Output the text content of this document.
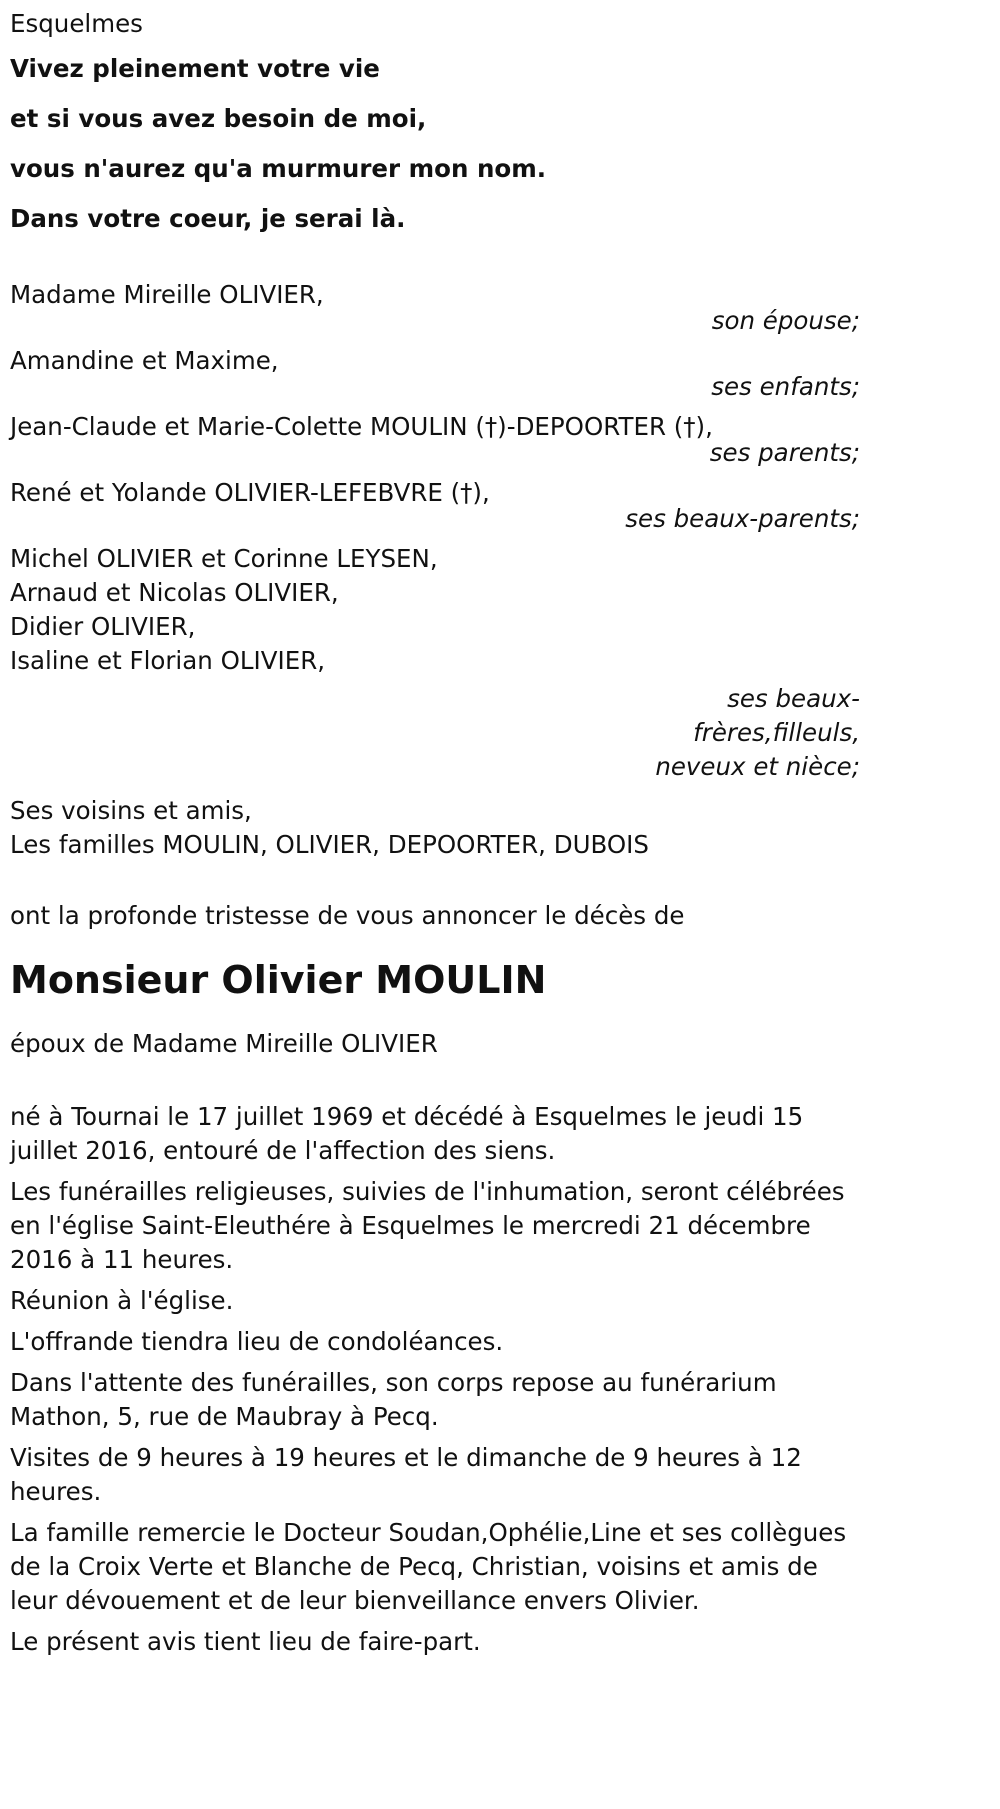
Esquelmes

Vivez pleinement votre vie

et si vous avez besoin de moi,

vous n'aurez qu'a murmurer mon nom.

Dans votre coeur, je serai là.

Madame Mireille OLIVIER,

son épouse;

Amandine et Maxime,

ses enfants;

Jean-Claude et Marie-Colette MOULIN (†)-DEPOORTER (†),

ses parents;

René et Yolande OLIVIER-LEFEBVRE (†),

ses beaux-parents;

Michel OLIVIER et Corinne LEYSEN,

Arnaud et Nicolas OLIVIER,

Didier OLIVIER,

Isaline et Florian OLIVIER,

ses beaux-

frères,filleuls,

neveux et nièce;

Ses voisins et amis,

Les familles MOULIN, OLIVIER, DEPOORTER, DUBOIS

ont la profonde tristesse de vous annoncer le décès de

Monsieur Olivier MOULIN

époux de Madame Mireille OLIVIER

né à Tournai le 17 juillet 1969 et décédé à Esquelmes le jeudi 15 juillet 2016, entouré de l'affection des siens.

Les funérailles religieuses, suivies de l'inhumation, seront célébrées en l'église Saint-Eleuthére à Esquelmes le mercredi 21 décembre 2016 à 11 heures.

Réunion à l'église.

L'offrande tiendra lieu de condoléances.

Dans l'attente des funérailles, son corps repose au funérarium Mathon, 5, rue de Maubray à Pecq.

Visites de 9 heures à 19 heures et le dimanche de 9 heures à 12 heures.

La famille remercie le Docteur Soudan,Ophélie,Line et ses collègues de la Croix Verte et Blanche de Pecq, Christian, voisins et amis de leur dévouement et de leur bienveillance envers Olivier.

Le présent avis tient lieu de faire-part.
